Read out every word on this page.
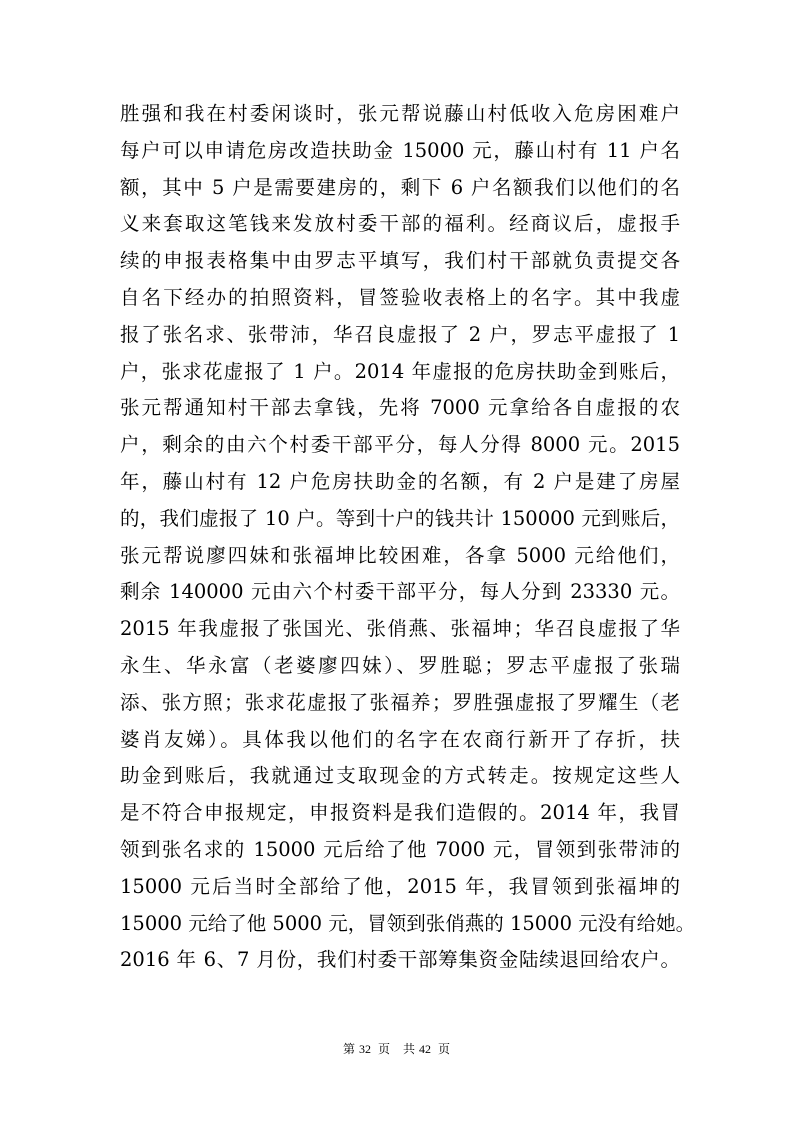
胜强和我在村委闲谈时，张元帮说藤山村低收入危房困难户
每户可以申请危房改造扶助金 15000 元，藤山村有 11 户名
额，其中 5 户是需要建房的，剩下 6 户名额我们以他们的名
义来套取这笔钱来发放村委干部的福利。经商议后，虚报手
续的申报表格集中由罗志平填写，我们村干部就负责提交各
自名下经办的拍照资料，冒签验收表格上的名字。其中我虚
报了张名求、张带沛，华召良虚报了 2 户，罗志平虚报了 1
户，张求花虚报了 1 户。2014 年虚报的危房扶助金到账后，
张元帮通知村干部去拿钱，先将 7000 元拿给各自虚报的农
户，剩余的由六个村委干部平分，每人分得 8000 元。2015
年，藤山村有 12 户危房扶助金的名额，有 2 户是建了房屋
的，我们虚报了 10 户。等到十户的钱共计 150000 元到账后，
张元帮说廖四妹和张福坤比较困难，各拿 5000 元给他们，
剩余 140000 元由六个村委干部平分，每人分到 23330 元。
2015 年我虚报了张国光、张俏燕、张福坤；华召良虚报了华
永生、华永富（老婆廖四妹）、罗胜聪；罗志平虚报了张瑞
添、张方照；张求花虚报了张福养；罗胜强虚报了罗耀生（老
婆肖友娣）。具体我以他们的名字在农商行新开了存折，扶
助金到账后，我就通过支取现金的方式转走。按规定这些人
是不符合申报规定，申报资料是我们造假的。2014 年，我冒
领到张名求的 15000 元后给了他 7000 元，冒领到张带沛的
15000 元后当时全部给了他，2015 年，我冒领到张福坤的
15000 元给了他 5000 元，冒领到张俏燕的 15000 元没有给她。
2016 年 6、7 月份，我们村委干部筹集资金陆续退回给农户。
第 32 页 共 42 页
